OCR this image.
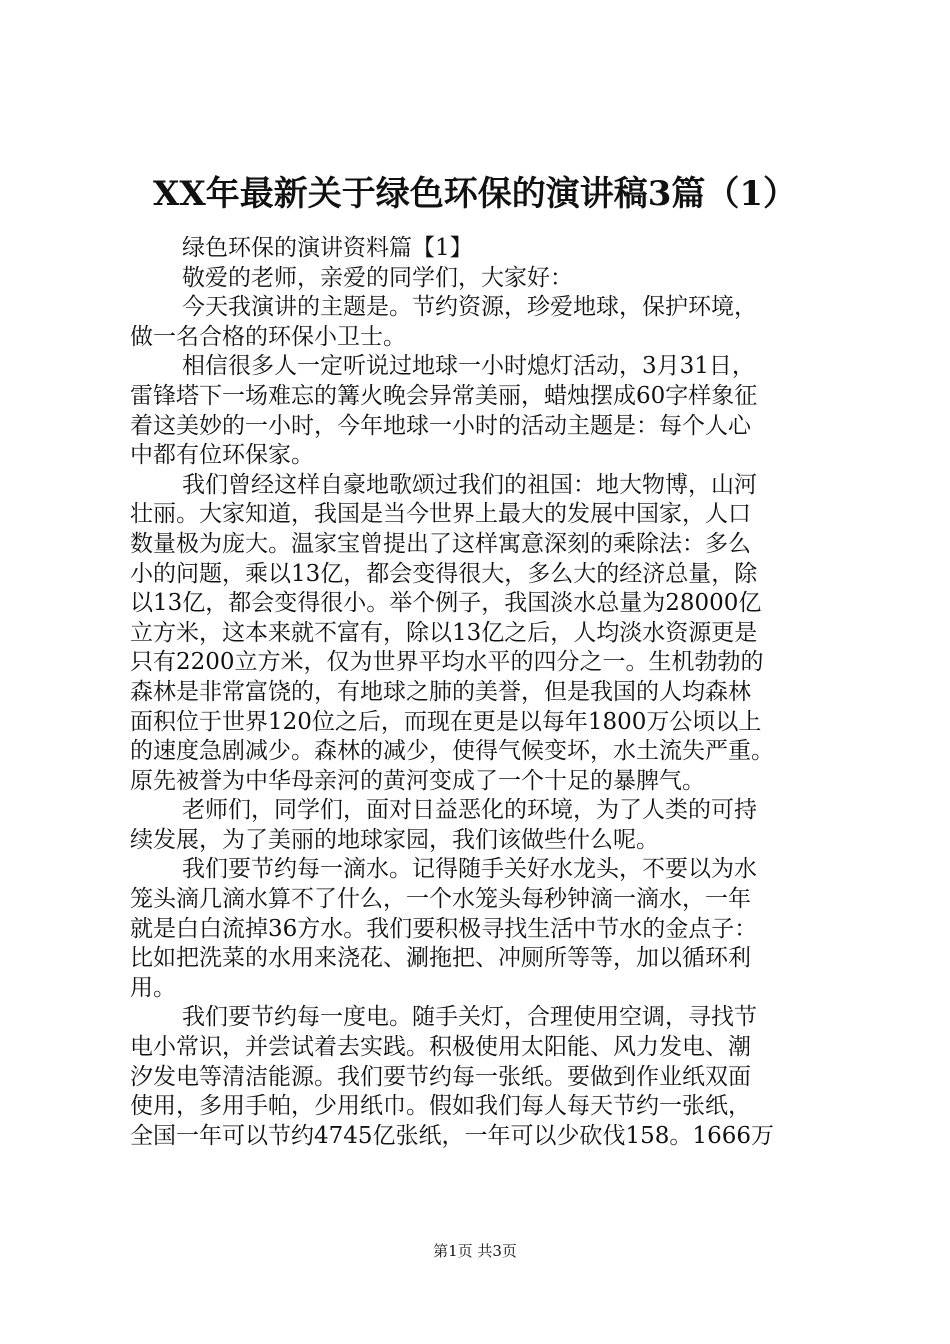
XX年最新关于绿色环保的演讲稿3篇（1）
绿色环保的演讲资料篇【1】
敬爱的老师，亲爱的同学们，大家好：
今天我演讲的主题是。节约资源，珍爱地球，保护环境，
做一名合格的环保小卫士。
相信很多人一定听说过地球一小时熄灯活动，3月31日，
雷锋塔下一场难忘的篝火晚会异常美丽，蜡烛摆成60字样象征
着这美妙的一小时，今年地球一小时的活动主题是：每个人心
中都有位环保家。
我们曾经这样自豪地歌颂过我们的祖国：地大物博，山河
壮丽。大家知道，我国是当今世界上最大的发展中国家，人口
数量极为庞大。温家宝曾提出了这样寓意深刻的乘除法：多么
小的问题，乘以13亿，都会变得很大，多么大的经济总量，除
以13亿，都会变得很小。举个例子，我国淡水总量为28000亿
立方米，这本来就不富有，除以13亿之后，人均淡水资源更是
只有2200立方米，仅为世界平均水平的四分之一。生机勃勃的
森林是非常富饶的，有地球之肺的美誉，但是我国的人均森林
面积位于世界120位之后，而现在更是以每年1800万公顷以上
的速度急剧减少。森林的减少，使得气候变坏，水土流失严重。
原先被誉为中华母亲河的黄河变成了一个十足的暴脾气。
老师们，同学们，面对日益恶化的环境，为了人类的可持
续发展，为了美丽的地球家园，我们该做些什么呢。
我们要节约每一滴水。记得随手关好水龙头，不要以为水
笼头滴几滴水算不了什么，一个水笼头每秒钟滴一滴水，一年
就是白白流掉36方水。我们要积极寻找生活中节水的金点子：
比如把洗菜的水用来浇花、涮拖把、冲厕所等等，加以循环利
用。
我们要节约每一度电。随手关灯，合理使用空调，寻找节
电小常识，并尝试着去实践。积极使用太阳能、风力发电、潮
汐发电等清洁能源。我们要节约每一张纸。要做到作业纸双面
使用，多用手帕，少用纸巾。假如我们每人每天节约一张纸，
全国一年可以节约4745亿张纸，一年可以少砍伐158。1666万
第1页 共3页
